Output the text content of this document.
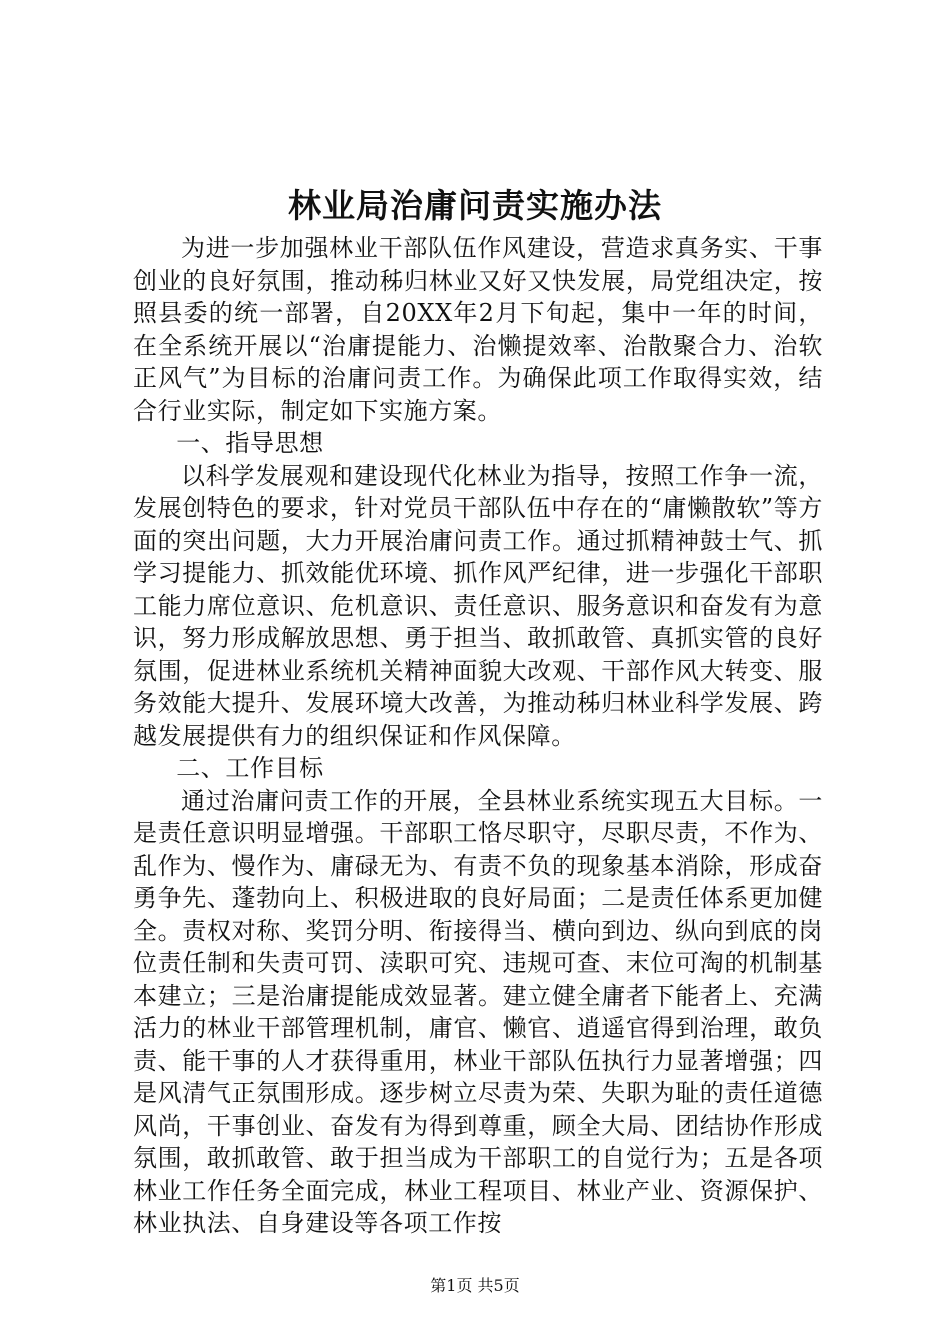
林业局治庸问责实施办法

为进一步加强林业干部队伍作风建设，营造求真务实、干事创业的良好氛围，推动秭归林业又好又快发展，局党组决定，按照县委的统一部署，自20XX年2月下旬起，集中一年的时间，在全系统开展以“治庸提能力、治懒提效率、治散聚合力、治软正风气”为目标的治庸问责工作。为确保此项工作取得实效，结合行业实际，制定如下实施方案。

一、指导思想

以科学发展观和建设现代化林业为指导，按照工作争一流，发展创特色的要求，针对党员干部队伍中存在的“庸懒散软”等方面的突出问题，大力开展治庸问责工作。通过抓精神鼓士气、抓学习提能力、抓效能优环境、抓作风严纪律，进一步强化干部职工能力席位意识、危机意识、责任意识、服务意识和奋发有为意识，努力形成解放思想、勇于担当、敢抓敢管、真抓实管的良好氛围，促进林业系统机关精神面貌大改观、干部作风大转变、服务效能大提升、发展环境大改善，为推动秭归林业科学发展、跨越发展提供有力的组织保证和作风保障。

二、工作目标

通过治庸问责工作的开展，全县林业系统实现五大目标。一是责任意识明显增强。干部职工恪尽职守，尽职尽责，不作为、乱作为、慢作为、庸碌无为、有责不负的现象基本消除，形成奋勇争先、蓬勃向上、积极进取的良好局面；二是责任体系更加健全。责权对称、奖罚分明、衔接得当、横向到边、纵向到底的岗位责任制和失责可罚、渎职可究、违规可查、末位可淘的机制基本建立；三是治庸提能成效显著。建立健全庸者下能者上、充满活力的林业干部管理机制，庸官、懒官、逍遥官得到治理，敢负责、能干事的人才获得重用，林业干部队伍执行力显著增强；四是风清气正氛围形成。逐步树立尽责为荣、失职为耻的责任道德风尚，干事创业、奋发有为得到尊重，顾全大局、团结协作形成氛围，敢抓敢管、敢于担当成为干部职工的自觉行为；五是各项林业工作任务全面完成，林业工程项目、林业产业、资源保护、林业执法、自身建设等各项工作按

第1页 共5页
